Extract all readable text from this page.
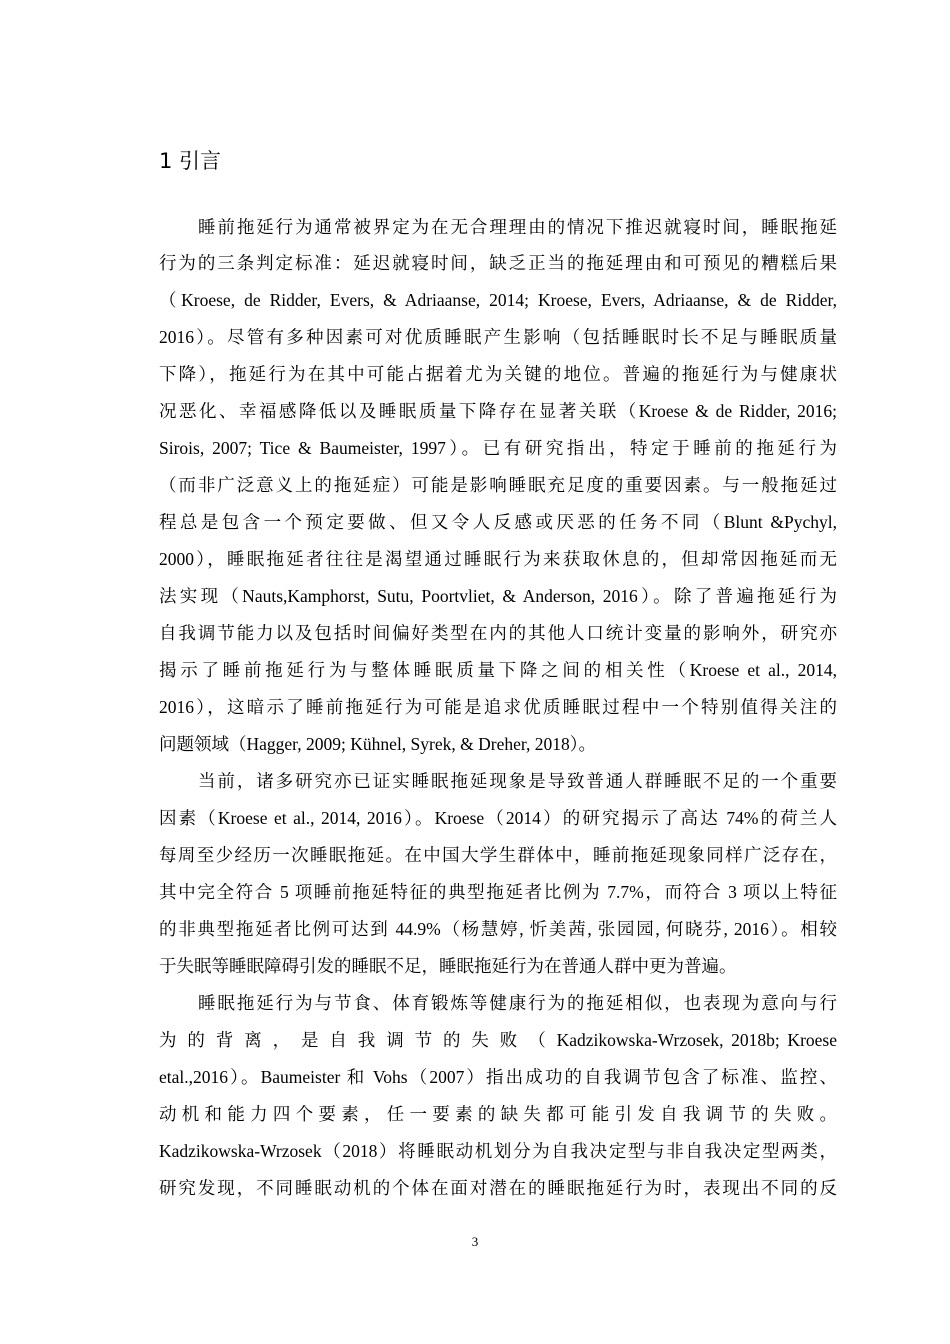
1 引言
睡前拖延行为通常被界定为在无合理理由的情况下推迟就寝时间，睡眠拖延
行为的三条判定标准：延迟就寝时间，缺乏正当的拖延理由和可预见的糟糕后果
（Kroese, de Ridder, Evers, & Adriaanse, 2014; Kroese, Evers, Adriaanse, & de Ridder,
2016）。尽管有多种因素可对优质睡眠产生影响（包括睡眠时长不足与睡眠质量
下降），拖延行为在其中可能占据着尤为关键的地位。普遍的拖延行为与健康状
况恶化、幸福感降低以及睡眠质量下降存在显著关联（Kroese & de Ridder, 2016;
Sirois, 2007; Tice & Baumeister, 1997）。已有研究指出，特定于睡前的拖延行为
（而非广泛意义上的拖延症）可能是影响睡眠充足度的重要因素。与一般拖延过
程总是包含一个预定要做、但又令人反感或厌恶的任务不同（Blunt &Pychyl,
2000），睡眠拖延者往往是渴望通过睡眠行为来获取休息的，但却常因拖延而无
法实现（Nauts,Kamphorst, Sutu, Poortvliet, & Anderson, 2016）。除了普遍拖延行为
自我调节能力以及包括时间偏好类型在内的其他人口统计变量的影响外，研究亦
揭示了睡前拖延行为与整体睡眠质量下降之间的相关性（Kroese et al., 2014,
2016），这暗示了睡前拖延行为可能是追求优质睡眠过程中一个特别值得关注的
问题领域（Hagger, 2009; Kühnel, Syrek, & Dreher, 2018）。
当前，诸多研究亦已证实睡眠拖延现象是导致普通人群睡眠不足的一个重要
因素（Kroese et al., 2014, 2016）。Kroese（2014）的研究揭示了高达 74%的荷兰人
每周至少经历一次睡眠拖延。在中国大学生群体中，睡前拖延现象同样广泛存在，
其中完全符合 5 项睡前拖延特征的典型拖延者比例为 7.7%，而符合 3 项以上特征
的非典型拖延者比例可达到 44.9%（杨慧婷, 忻美茜, 张园园, 何晓芬, 2016）。相较
于失眠等睡眠障碍引发的睡眠不足，睡眠拖延行为在普通人群中更为普遍。
睡眠拖延行为与节食、体育锻炼等健康行为的拖延相似，也表现为意向与行
为 的 背 离 ， 是 自 我 调 节 的 失 败 （ Kadzikowska-Wrzosek, 2018b; Kroese
etal.,2016）。Baumeister 和 Vohs（2007）指出成功的自我调节包含了标准、监控、
动 机 和 能 力 四 个 要 素 ， 任 一 要 素 的 缺 失 都 可 能 引 发 自 我 调 节 的 失 败 。
Kadzikowska-Wrzosek（2018）将睡眠动机划分为自我决定型与非自我决定型两类，
研究发现，不同睡眠动机的个体在面对潜在的睡眠拖延行为时，表现出不同的反
3
